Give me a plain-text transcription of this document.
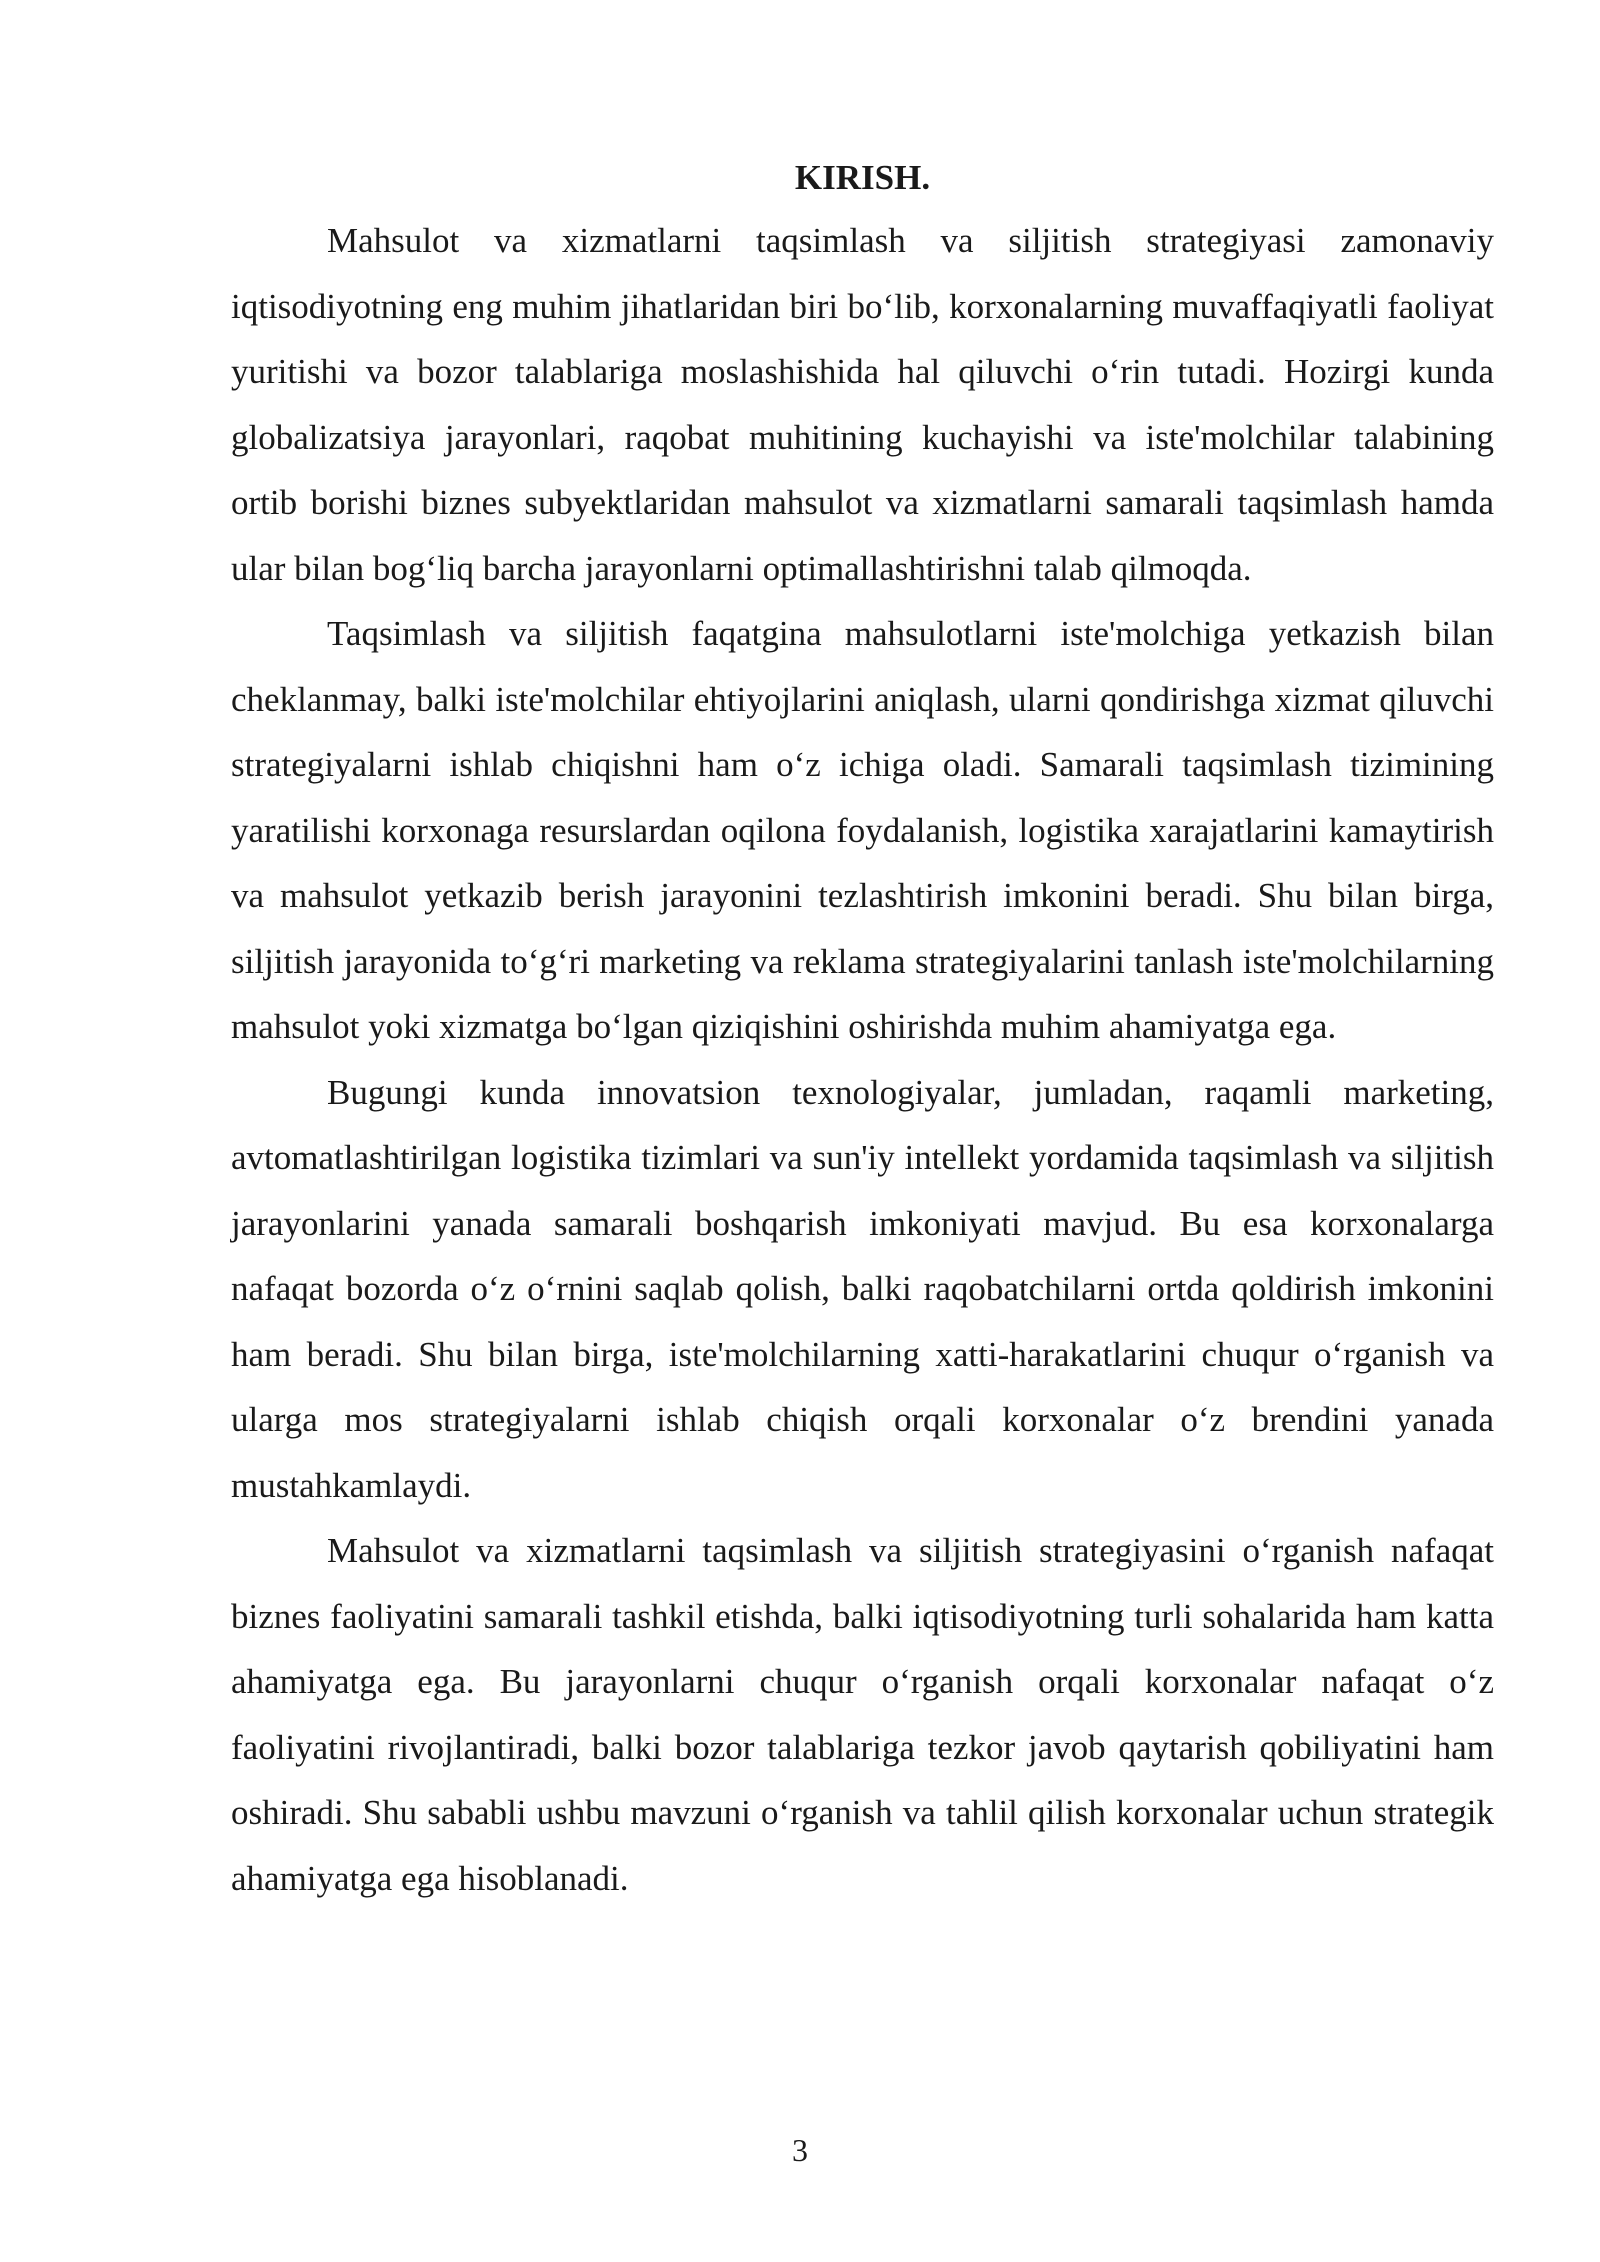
KIRISH.

Mahsulot va xizmatlarni taqsimlash va siljitish strategiyasi zamonaviy iqtisodiyotning eng muhim jihatlaridan biri bo‘lib, korxonalarning muvaffaqiyatli faoliyat yuritishi va bozor talablariga moslashishida hal qiluvchi o‘rin tutadi. Hozirgi kunda globalizatsiya jarayonlari, raqobat muhitining kuchayishi va iste'molchilar talabining ortib borishi biznes subyektlaridan mahsulot va xizmatlarni samarali taqsimlash hamda ular bilan bog‘liq barcha jarayonlarni optimallashtirishni talab qilmoqda.

Taqsimlash va siljitish faqatgina mahsulotlarni iste'molchiga yetkazish bilan cheklanmay, balki iste'molchilar ehtiyojlarini aniqlash, ularni qondirishga xizmat qiluvchi strategiyalarni ishlab chiqishni ham o‘z ichiga oladi. Samarali taqsimlash tizimining yaratilishi korxonaga resurslardan oqilona foydalanish, logistika xarajatlarini kamaytirish va mahsulot yetkazib berish jarayonini tezlashtirish imkonini beradi. Shu bilan birga, siljitish jarayonida to‘g‘ri marketing va reklama strategiyalarini tanlash iste'molchilarning mahsulot yoki xizmatga bo‘lgan qiziqishini oshirishda muhim ahamiyatga ega.

Bugungi kunda innovatsion texnologiyalar, jumladan, raqamli marketing, avtomatlashtirilgan logistika tizimlari va sun'iy intellekt yordamida taqsimlash va siljitish jarayonlarini yanada samarali boshqarish imkoniyati mavjud. Bu esa korxonalarga nafaqat bozorda o‘z o‘rnini saqlab qolish, balki raqobatchilarni ortda qoldirish imkonini ham beradi. Shu bilan birga, iste'molchilarning xatti-harakatlarini chuqur o‘rganish va ularga mos strategiyalarni ishlab chiqish orqali korxonalar o‘z brendini yanada mustahkamlaydi.

Mahsulot va xizmatlarni taqsimlash va siljitish strategiyasini o‘rganish nafaqat biznes faoliyatini samarali tashkil etishda, balki iqtisodiyotning turli sohalarida ham katta ahamiyatga ega. Bu jarayonlarni chuqur o‘rganish orqali korxonalar nafaqat o‘z faoliyatini rivojlantiradi, balki bozor talablariga tezkor javob qaytarish qobiliyatini ham oshiradi. Shu sababli ushbu mavzuni o‘rganish va tahlil qilish korxonalar uchun strategik ahamiyatga ega hisoblanadi.

3
